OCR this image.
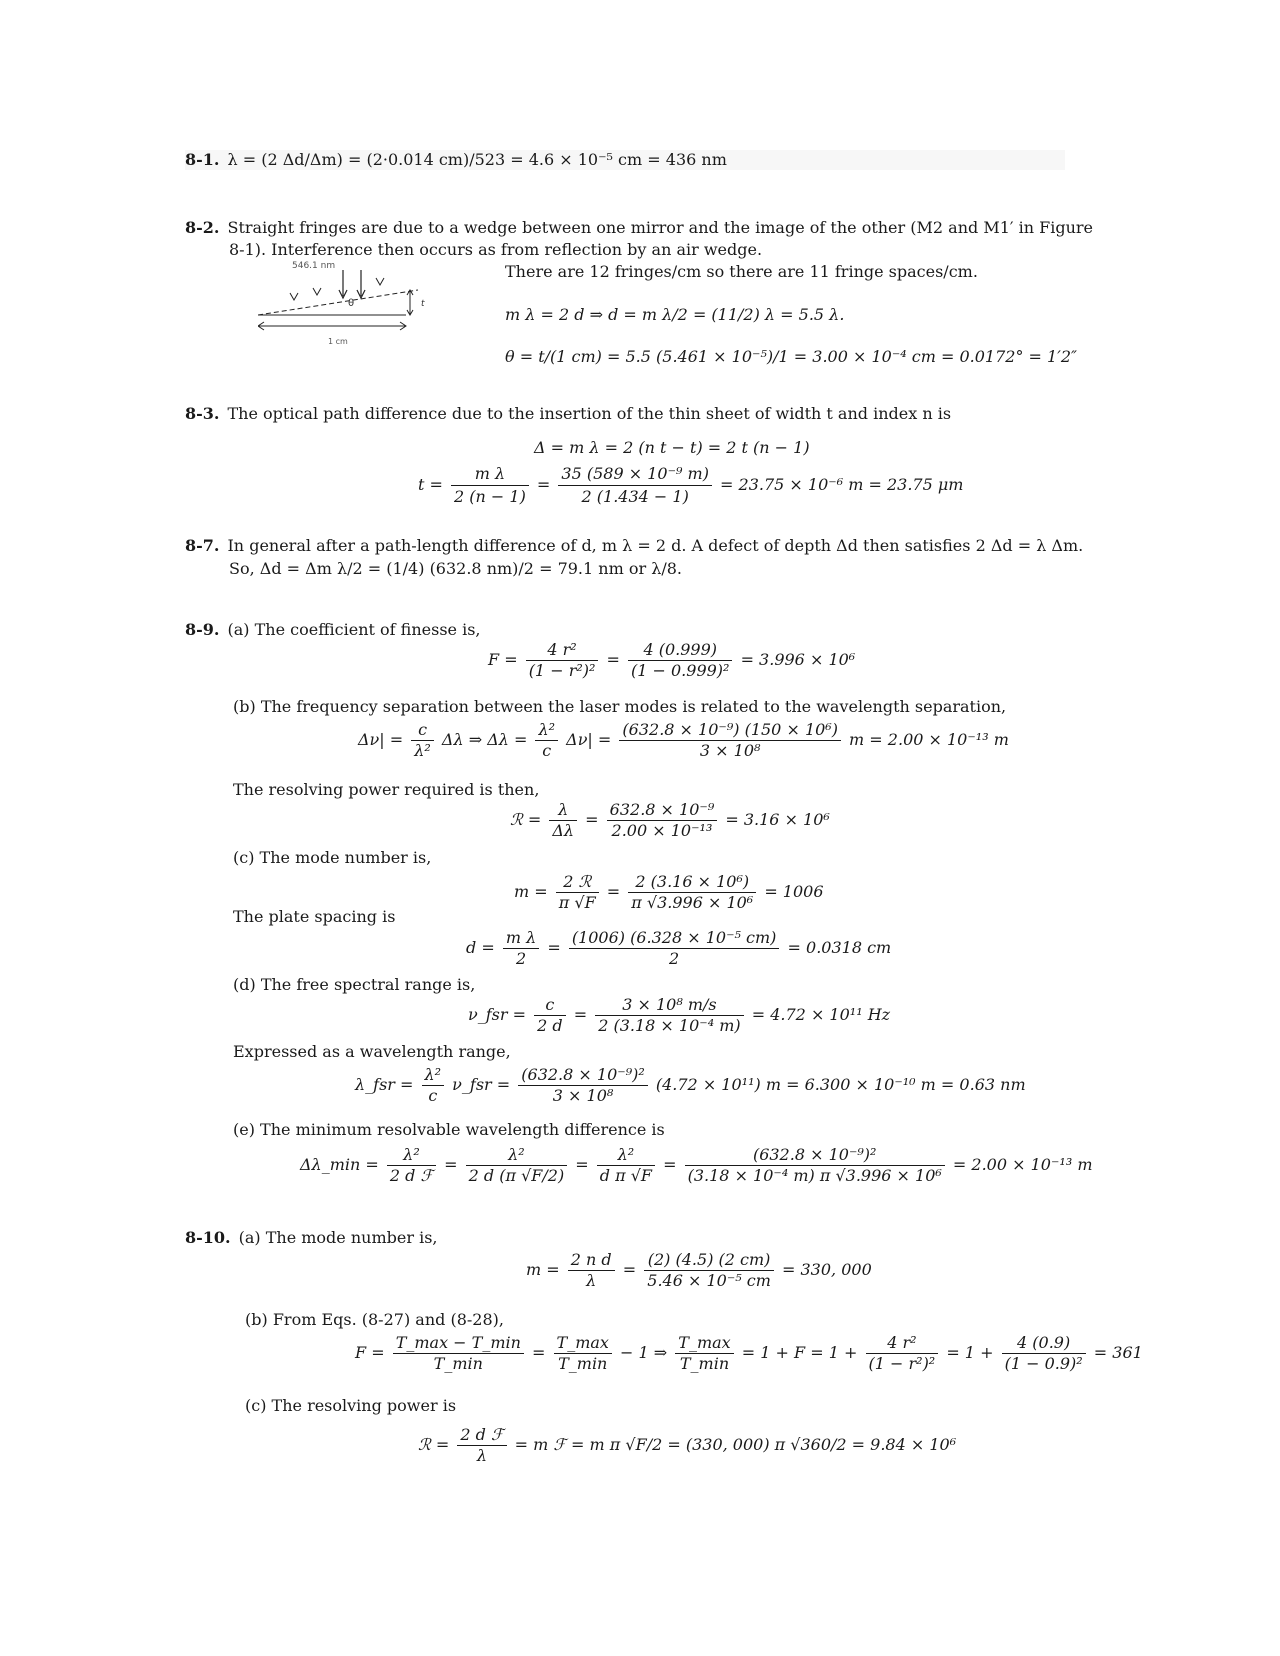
8-1. λ = (2 Δd/Δm) = (2·0.014 cm)/523 = 4.6 × 10⁻⁵ cm = 436 nm
8-2. Straight fringes are due to a wedge between one mirror and the image of the other (M2 and M1′ in Figure
8-1). Interference then occurs as from reflection by an air wedge.
546.1 nm
θ	t
1 cm
There are 12 fringes/cm so there are 11 fringe spaces/cm.
m λ = 2 d ⇒ d = m λ/2 = (11/2) λ = 5.5 λ.
θ = t/(1 cm) = 5.5 (5.461 × 10⁻⁵)/1 = 3.00 × 10⁻⁴ cm = 0.0172° = 1′2″
8-3. The optical path difference due to the insertion of the thin sheet of width t and index n is
Δ = m λ = 2 (n t − t) = 2 t (n − 1)
$t = \frac{\text{m λ}}{2 (n - 1)} = \frac{\text{35 (589 × 10⁻⁹ m)}}{2 (1.434 - 1)} = 23.75 \times 10^{-6}$ m = 23.75 μm
8-7. In general after a path-length difference of d, m λ = 2 d. A defect of depth Δd then satisfies 2 Δd = λ Δm.
So, Δd = Δm λ/2 = (1/4) (632.8 nm)/2 = 79.1 nm or λ/8.
8-9. (a) The coefficient of finesse is,
$F = \frac{\text{4 r²}}{\text{(1 − r²)²}} = \frac{4 (0.999)}{\text{(1 − 0.999)²}} = 3.996 \times 10^6$
(b) The frequency separation between the laser modes is related to the wavelength separation,
$\Delta\nu| = \frac{c}{\text{λ²}}$ Δλ ⇒ $\Delta\lambda = \frac{\text{λ²}}{c} \Delta\nu| = \frac{\text{(632.8 × 10⁻⁹) (150 × 10⁶)}}{\text{3 × 10⁸}}$ m = 2.00 × 10⁻¹³ m
The resolving power required is then,
ℛ = $\frac{\lambda}{\Delta\lambda} = \frac{\text{632.8 × 10⁻⁹}}{\text{2.00 × 10⁻¹³}} = 3.16 \times 10^6$
(c) The mode number is,
$m = \frac{\text{2 ℛ}}{\pi √F} = \frac{\text{2 (3.16 × 10⁶)}}{\text{π √3.996 × 10⁶}} = 1006$
The plate spacing is
$d = \frac{\text{m λ}}{2} = \frac{\text{(1006) (6.328 × 10⁻⁵ cm)}}{2} = 0.0318$ cm
(d) The free spectral range is,
ν_fsr = $\frac{c}{2 d} = \frac{\text{3 × 10⁸ m/s}}{\text{2 (3.18 × 10⁻⁴ m)}} = 4.72 \times 10^{11}$ Hz
Expressed as a wavelength range,
λ_fsr = $\frac{\text{λ²}}{c}$ ν_fsr = $\frac{\text{(632.8 × 10⁻⁹)²}}{\text{3 × 10⁸}} (4.72 \times 10^{11}) m = 6.300 \times 10^{-10}$ m = 0.63 nm
(e) The minimum resolvable wavelength difference is
Δλ_min = $\frac{\text{λ²}}{\text{2 d ℱ}} = \frac{\text{λ²}}{2 d (\pi √F/2)} = \frac{\text{λ²}}{\text{d π √F}} = \frac{\text{(632.8 × 10⁻⁹)²}}{\text{(3.18 × 10⁻⁴ m) π √3.996 × 10⁶}} = 2.00 \times 10^{-13}$ m
8-10. (a) The mode number is,
$m = \frac{\text{2 n d}}{\lambda} = \frac{(2) (4.5) (2 cm)}{\text{5.46 × 10⁻⁵ cm}} = 330$, 000
(b) From Eqs. (8-27) and (8-28),
$F = \frac{T\_\max - T\_\min}{T\_\min} = \frac{T\_\max}{T\_\min} - 1$ ⇒ $\frac{T\_\max}{T\_\min} = 1 + F = 1 + \frac{\text{4 r²}}{\text{(1 − r²)²}} = 1 + \frac{4 (0.9)}{\text{(1 − 0.9)²}} = 361$
(c) The resolving power is
ℛ = $\frac{\text{2 d ℱ}}{\lambda} = m$ ℱ = m π √F/2 = (330, 000) π √360/2 = 9.84 × 10⁶
